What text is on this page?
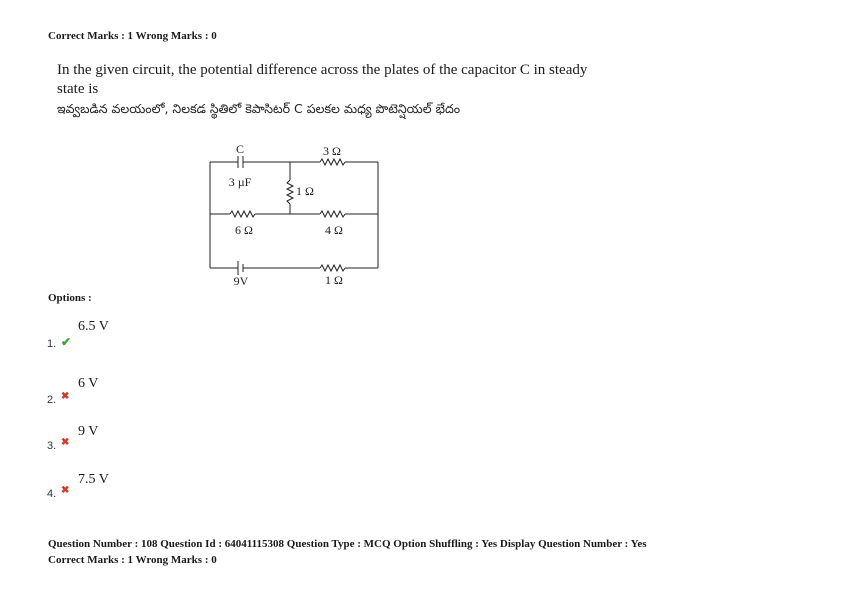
Correct Marks : 1 Wrong Marks : 0
In the given circuit, the potential difference across the plates of the capacitor C in steady state is
ఇవ్వబడిన వలయంలో, నిలకడ స్థితిలో కెపాసిటర్ C పలకల మధ్య పొటెన్షియల్ భేదం
C
3 µF
3 Ω
1 Ω
6 Ω	4 Ω
1 Ω
9V
Options :
6.5 V
1. ✔
6 V
2. ✖
9 V
3. ✖
7.5 V
4. ✖
Question Number : 108 Question Id : 64041115308 Question Type : MCQ Option Shuffling : Yes Display Question Number : Yes
Correct Marks : 1 Wrong Marks : 0
